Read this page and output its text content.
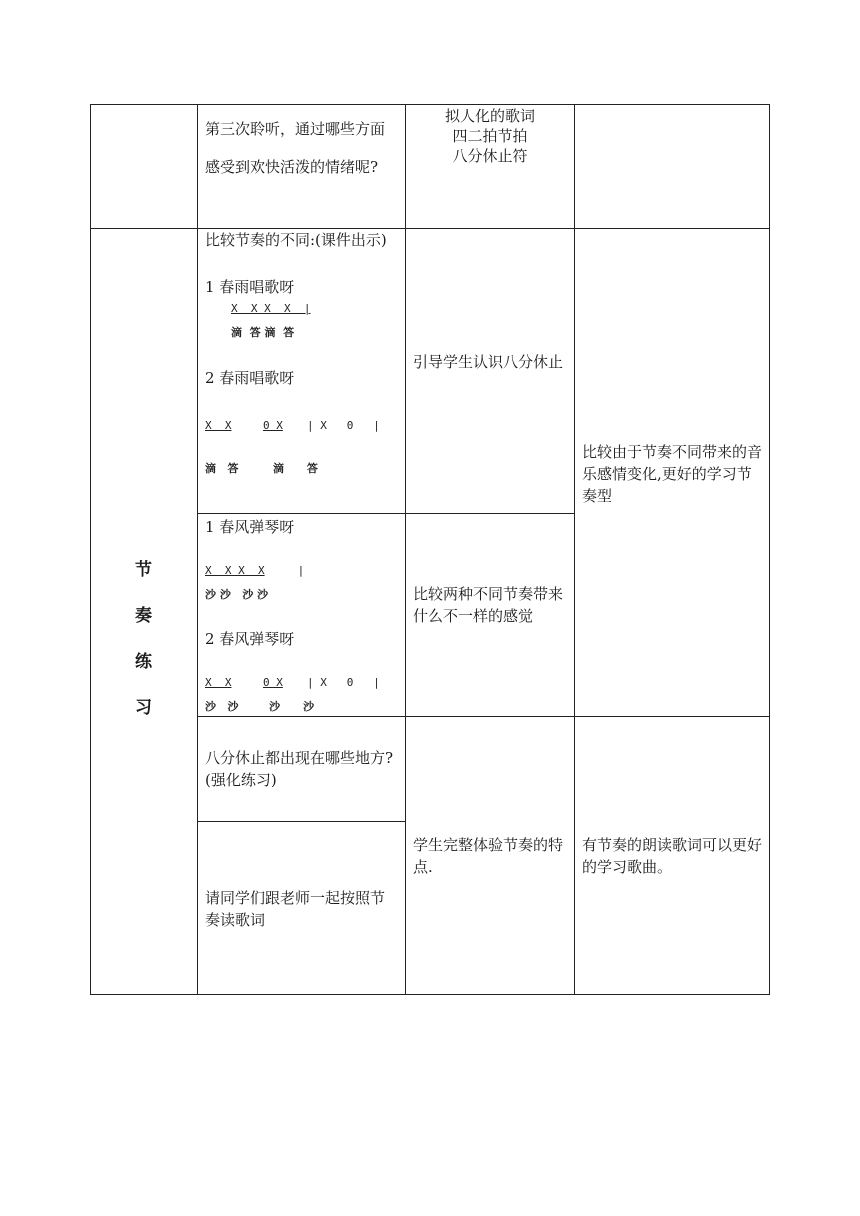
第三次聆听，通过哪些方面感受到欢快活泼的情绪呢?
拟人化的歌词
四二拍节拍
八分休止符
节
奏
练
习
比较节奏的不同:(课件出示)
1 春雨唱歌呀
X  X X  X  |
滴  答 滴  答
2 春雨唱歌呀
X  X	0 X | X   0   |
滴   答         滴      答
引导学生认识八分休止
比较由于节奏不同带来的音乐感情变化,更好的学习节奏型
1 春风弹琴呀
X  X X  X |
沙 沙   沙 沙
2 春风弹琴呀
X  X	0 X | X   0   |
沙   沙        沙      沙
比较两种不同节奏带来什么不一样的感觉
八分休止都出现在哪些地方?(强化练习)
请同学们跟老师一起按照节奏读歌词
学生完整体验节奏的特点.
有节奏的朗读歌词可以更好的学习歌曲。
